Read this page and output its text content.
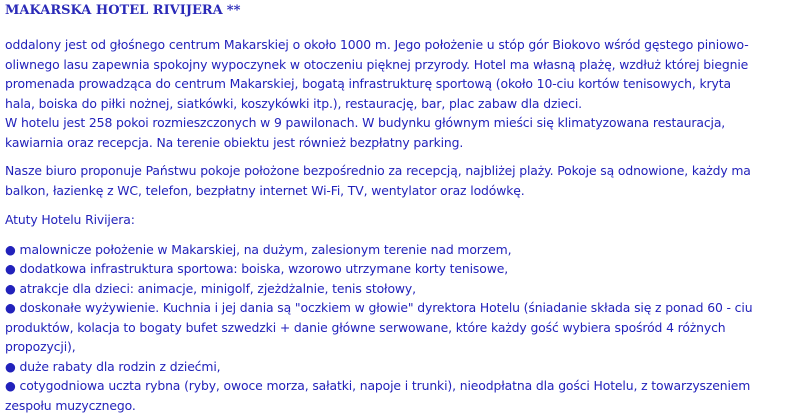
MAKARSKA HOTEL RIVIJERA **

oddalony jest od głośnego centrum Makarskiej o około 1000 m. Jego położenie u stóp gór Biokovo wśród gęstego piniowo-

oliwnego lasu zapewnia spokojny wypoczynek w otoczeniu pięknej przyrody. Hotel ma własną plażę, wzdłuż której biegnie

promenada prowadząca do centrum Makarskiej, bogatą infrastrukturę sportową (około 10-ciu kortów tenisowych, kryta

hala, boiska do piłki nożnej, siatkówki, koszykówki itp.), restaurację, bar, plac zabaw dla dzieci.

W hotelu jest 258 pokoi rozmieszczonych w 9 pawilonach. W budynku głównym mieści się klimatyzowana restauracja,

kawiarnia oraz recepcja. Na terenie obiektu jest również bezpłatny parking.

Nasze biuro proponuje Państwu pokoje położone bezpośrednio za recepcją, najbliżej plaży. Pokoje są odnowione, każdy ma

balkon, łazienkę z WC, telefon, bezpłatny internet Wi-Fi, TV, wentylator oraz lodówkę.

Atuty Hotelu Rivijera:

● malownicze położenie w Makarskiej, na dużym, zalesionym terenie nad morzem,

● dodatkowa infrastruktura sportowa: boiska, wzorowo utrzymane korty tenisowe,

● atrakcje dla dzieci: animacje, minigolf, zjeżdżalnie, tenis stołowy,

● doskonałe wyżywienie. Kuchnia i jej dania są "oczkiem w głowie" dyrektora Hotelu (śniadanie składa się z ponad 60 - ciu

produktów, kolacja to bogaty bufet szwedzki + danie główne serwowane, które każdy gość wybiera spośród 4 różnych

propozycji),

● duże rabaty dla rodzin z dziećmi,

● cotygodniowa uczta rybna (ryby, owoce morza, sałatki, napoje i trunki), nieodpłatna dla gości Hotelu, z towarzyszeniem

zespołu muzycznego.
